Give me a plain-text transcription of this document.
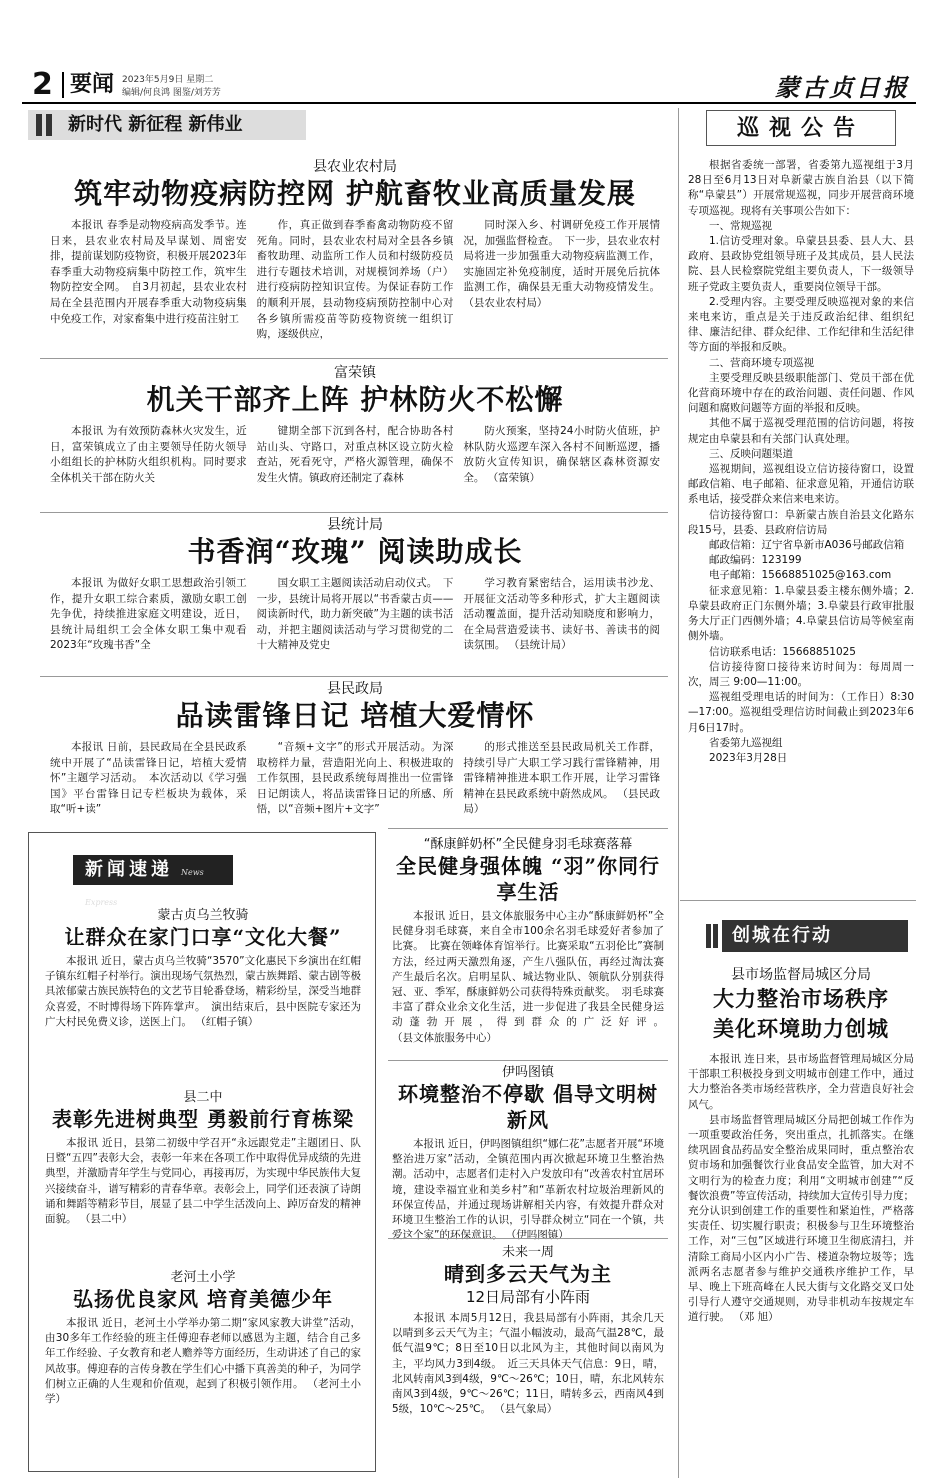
2 要闻 2023年5月9日 星期二
编辑/何良鸿 图鉴/刘芳芳	蒙古贞日报
新时代 新征程 新伟业
县农业农村局
筑牢动物疫病防控网 护航畜牧业高质量发展

本报讯 春季是动物疫病高发季节。连日来，县农业农村局及早谋划、周密安排，提前谋划防疫物资，积极开展2023年春季重大动物疫病集中防控工作，筑牢生物防控安全网。　自3月初起，县农业农村局在全县范围内开展春季重大动物疫病集中免疫工作，对家畜集中进行疫苗注射工

作，真正做到春季畜禽动物防疫不留死角。同时，县农业农村局对全县各乡镇畜牧助理、动监所工作人员和村级防疫员进行专题技术培训，对规模饲养场（户）进行疫病防控知识宣传。为保证春防工作的顺利开展，县动物疫病预防控制中心对各乡镇所需疫苗等防疫物资统一组织订购，逐级供应，

同时深入乡、村调研免疫工作开展情况，加强监督检查。　下一步，县农业农村局将进一步加强重大动物疫病监测工作，实施固定补免疫制度，适时开展免后抗体监测工作，确保县无重大动物疫情发生。 （县农业农村局）

富荣镇
机关干部齐上阵 护林防火不松懈

本报讯 为有效预防森林火灾发生，近日，富荣镇成立了由主要领导任防火领导小组组长的护林防火组织机构。同时要求全体机关干部在防火关

键期全部下沉到各村，配合协助各村站山头、守路口，对重点林区设立防火检查站，死看死守，严格火源管理，确保不发生火情。镇政府还制定了森林

防火预案，坚持24小时防火值班，护林队防火巡逻车深入各村不间断巡逻，播放防火宣传知识，确保辖区森林资源安全。 （富荣镇）

县统计局
书香润“玫瑰” 阅读助成长

本报讯 为做好女职工思想政治引领工作，提升女职工综合素质，激励女职工创先争优，持续推进家庭文明建设，近日，县统计局组织工会全体女职工集中观看2023年“玫瑰书香”全

国女职工主题阅读活动启动仪式。　下一步，县统计局将开展以“书香蒙古贞——阅读新时代，助力新突破”为主题的读书活动，并把主题阅读活动与学习贯彻党的二十大精神及党史

学习教育紧密结合，运用读书沙龙、开展征文活动等多种形式，扩大主题阅读活动覆盖面，提升活动知晓度和影响力，在全局营造爱读书、读好书、善读书的阅读氛围。 （县统计局）

县民政局
品读雷锋日记 培植大爱情怀

本报讯 日前，县民政局在全县民政系统中开展了“品读雷锋日记，培植大爱情怀”主题学习活动。　本次活动以《学习强国》平台雷锋日记专栏板块为载体，采取“听+读”

“音频+文字”的形式开展活动。为深取榜样力量，营造阳光向上、积极进取的工作氛围，县民政系统每周推出一位雷锋日记朗读人，将品读雷锋日记的所感、所悟，以“音频+图片+文字”

的形式推送至县民政局机关工作群，持续引导广大职工学习践行雷锋精神，用雷锋精神推进本职工作开展，让学习雷锋精神在县民政系统中蔚然成风。 （县民政局）

新闻速递 News Express
蒙古贞乌兰牧骑
让群众在家门口享“文化大餐”

本报讯 近日，蒙古贞乌兰牧骑“3570”文化惠民下乡演出在红帽子镇东红帽子村举行。演出现场气氛热烈，蒙古族舞蹈、蒙古剧等极具浓郁蒙古族民族特色的文艺节目轮番登场，精彩纷呈，深受当地群众喜爱，不时博得场下阵阵掌声。　演出结束后，县中医院专家还为广大村民免费义诊，送医上门。 （红帽子镇）

县二中
表彰先进树典型 勇毅前行育栋梁

本报讯 近日，县第二初级中学召开“永远跟党走”主题团日、队日暨“五四”表彰大会，表彰一年来在各项工作中取得优异成绩的先进典型，并激励青年学生与党同心，再接再厉，为实现中华民族伟大复兴接续奋斗，谱写精彩的青春华章。表彰会上，同学们还表演了诗朗诵和舞蹈等精彩节目，展显了县二中学生活泼向上、踔厉奋发的精神面貌。 （县二中）

老河土小学
弘扬优良家风 培育美德少年

本报讯 近日，老河土小学举办第二期“家风家教大讲堂”活动，由30多年工作经验的班主任傅迎春老师以感恩为主题，结合自己多年工作经验、子女教育和老人赡养等方面经历，生动讲述了自己的家风故事。傅迎春的言传身教在学生们心中播下真善美的种子，为同学们树立正确的人生观和价值观，起到了积极引领作用。 （老河土小学）

“酥康鲜奶杯”全民健身羽毛球赛落幕
全民健身强体魄 “羽”你同行享生活

本报讯 近日，县文体旅服务中心主办“酥康鲜奶杯”全民健身羽毛球赛，来自全市100余名羽毛球爱好者参加了比赛。　比赛在领峰体育馆举行。比赛采取“五羽伦比”赛制方法，经过两天激烈角逐，产生八强队伍，再经过淘汰赛产生最后名次。启明星队、城达物业队、领航队分别获得冠、亚、季军，酥康鲜奶公司获得特殊贡献奖。　羽毛球赛丰富了群众业余文化生活，进一步促进了我县全民健身运动蓬勃开展，得到群众的广泛好评。 （县文体旅服务中心）

伊吗图镇
环境整治不停歇 倡导文明树新风

本报讯 近日，伊吗图镇组织“娜仁花”志愿者开展“环境整治进万家”活动，全镇范围内再次掀起环境卫生整治热潮。活动中，志愿者们走村入户发放印有“改善农村宜居环境，建设幸福宜业和美乡村”和“革新农村垃圾治理新风的环保宣传品，并通过现场讲解相关内容，有效提升群众对环境卫生整治工作的认识，引导群众树立“同在一个镇，共爱这个家”的环保意识。 （伊吗图镇）

未来一周
晴到多云天气为主
12日局部有小阵雨

本报讯 本周5月12日，我县局部有小阵雨，其余几天以晴到多云天气为主；气温小幅波动，最高气温28℃，最低气温9℃；8日至10日以北风为主，其他时间以南风为主，平均风力3到4级。　近三天具体天气信息：9日，晴，北风转南风3到4级，9℃～26℃；10日，晴，东北风转东南风3到4级，9℃～26℃；11日，晴转多云，西南风4到5级，10℃～25℃。 （县气象局）

巡视公告

根据省委统一部署，省委第九巡视组于3月28日至6月13日对阜新蒙古族自治县（以下简称“阜蒙县”）开展常规巡视，同步开展营商环境专项巡视。现将有关事项公告如下：

一、常规巡视

1.信访受理对象。阜蒙县县委、县人大、县政府、县政协党组领导班子及其成员，县人民法院、县人民检察院党组主要负责人，下一级领导班子党政主要负责人，重要岗位领导干部。

2.受理内容。主要受理反映巡视对象的来信来电来访，重点是关于违反政治纪律、组织纪律、廉洁纪律、群众纪律、工作纪律和生活纪律等方面的举报和反映。

二、营商环境专项巡视

主要受理反映县级职能部门、党员干部在优化营商环境中存在的政治问题、责任问题、作风问题和腐败问题等方面的举报和反映。

其他不属于巡视受理范围的信访问题，将按规定由阜蒙县和有关部门认真处理。

三、反映问题渠道

巡视期间，巡视组设立信访接待窗口，设置邮政信箱、电子邮箱、征求意见箱，开通信访联系电话，接受群众来信来电来访。

信访接待窗口：阜新蒙古族自治县文化路东段15号，县委、县政府信访局

邮政信箱：辽宁省阜新市A036号邮政信箱

邮政编码：123199

电子邮箱：15668851025@163.com

征求意见箱：1.阜蒙县委主楼东侧外墙；2.阜蒙县政府正门东侧外墙；3.阜蒙县行政审批服务大厅正门西侧外墙；4.阜蒙县信访局等候室南侧外墙。

信访联系电话：15668851025

信访接待窗口接待来访时间为：每周周一次，周三 9:00—11:00。

巡视组受理电话的时间为：（工作日）8:30—17:00。巡视组受理信访时间截止到2023年6月6日17时。

省委第九巡视组

2023年3月28日

创城在行动
县市场监督局城区分局
大力整治市场秩序
美化环境助力创城

本报讯 连日来，县市场监督管理局城区分局干部职工积极投身到文明城市创建工作中，通过大力整治各类市场经营秩序，全力营造良好社会风气。

县市场监督管理局城区分局把创城工作作为一项重要政治任务，突出重点，扎抓落实。在继续巩固食品药品安全整治成果同时，重点整治农贸市场和加强餐饮行业食品安全监管，加大对不文明行为的检查力度；利用“文明城市创建”“反餐饮浪费”等宣传活动，持续加大宣传引导力度；充分认识到创建工作的重要性和紧迫性，严格落实责任、切实履行职责；积极参与卫生环境整治工作，对“三包”区域进行环境卫生彻底清扫，并清除工商局小区内小广告、楼道杂物垃圾等；选派两名志愿者参与维护交通秩序维护工作，早早、晚上下班高峰在人民大街与文化路交叉口处引导行人遵守交通规则，劝导非机动车按规定车道行驶。 （邓 旭）
